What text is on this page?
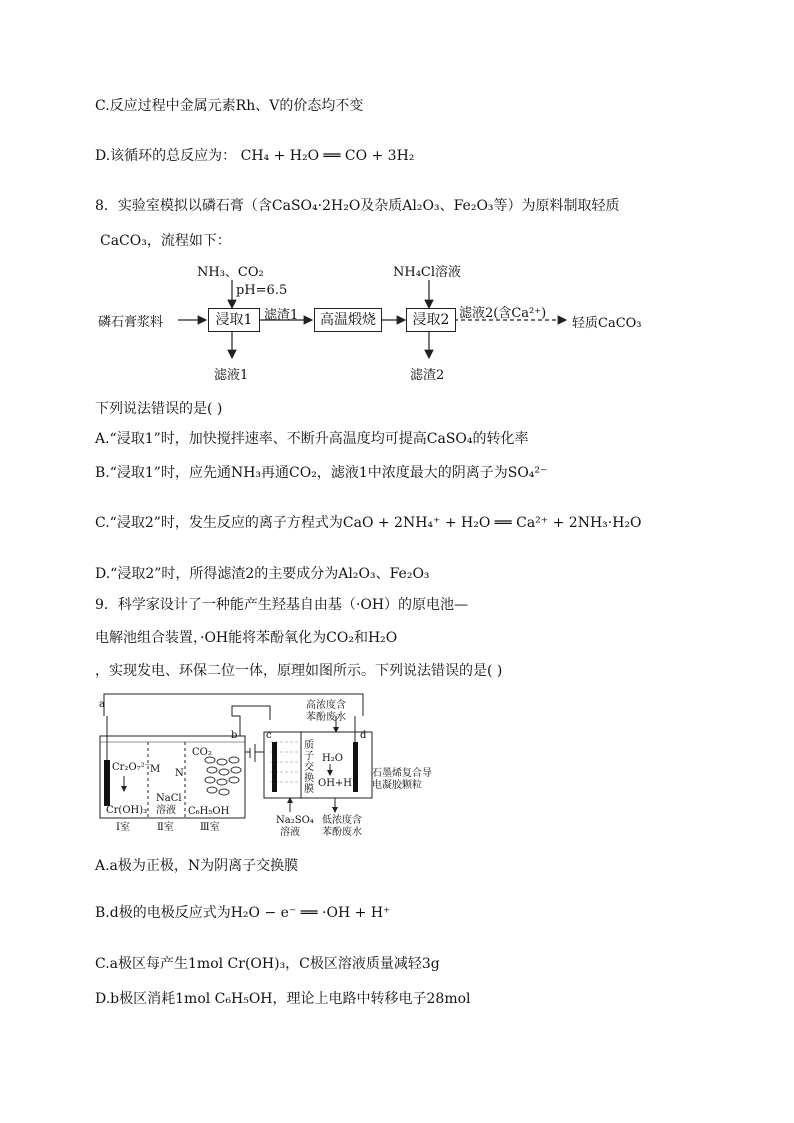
C.反应过程中金属元素Rh、V的价态均不变
D.该循环的总反应为： CH₄ + H₂O ══ CO + 3H₂
8．实验室模拟以磷石膏（含CaSO₄·2H₂O及杂质Al₂O₃、Fe₂O₃等）为原料制取轻质
CaCO₃，流程如下：
磷石膏浆料
NH₃、CO₂
pH=6.5
浸取1 滤渣1	高温煅烧
NH₄Cl溶液
浸取2 滤液2(含Ca²⁺)
轻质CaCO₃
滤液1	滤渣2
下列说法错误的是( )
A.“浸取1”时，加快搅拌速率、不断升高温度均可提高CaSO₄的转化率
B.“浸取1”时，应先通NH₃再通CO₂，滤液1中浓度最大的阴离子为SO₄²⁻
C.“浸取2”时，发生反应的离子方程式为CaO + 2NH₄⁺ + H₂O ══ Ca²⁺ + 2NH₃·H₂O
D.“浸取2”时，所得滤渣2的主要成分为Al₂O₃、Fe₂O₃
9．科学家设计了一种能产生羟基自由基（·OH）的原电池—
电解池组合装置，·OH能将苯酚氧化为CO₂和H₂O
，实现发电、环保二位一体，原理如图所示。下列说法错误的是( )
a
b	c	d
Cr₂O₇²⁻
Cr(OH)₃
M N
NaCl
溶液
CO₂
C₆H₅OH
Ⅰ室	Ⅱ室	Ⅲ室
质
子
交
换
膜
高浓度含
苯酚废水
H₂O
OH+H⁺
石墨烯复合导
电凝胶颗粒
Na₂SO₄
溶液
低浓度含
苯酚废水
A.a极为正极，N为阴离子交换膜
B.d极的电极反应式为H₂O − e⁻ ══ ·OH + H⁺
C.a极区每产生1mol Cr(OH)₃，C极区溶液质量减轻3g
D.b极区消耗1mol C₆H₅OH，理论上电路中转移电子28mol
